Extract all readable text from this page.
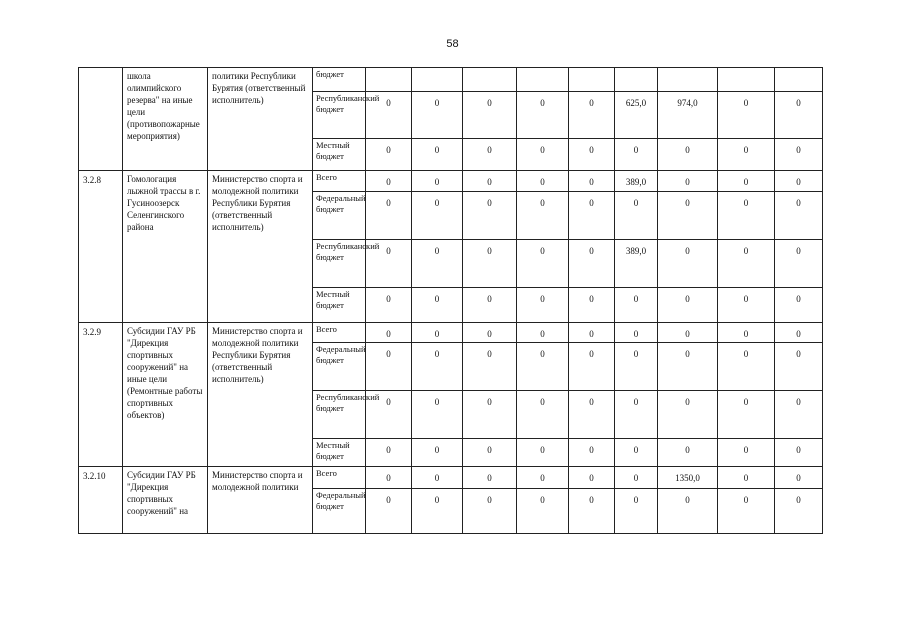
58
	школа олимпийского резерва" на иные цели (противопожарные мероприятия)	политики Республики Бурятия (ответственный исполнитель)	бюджет									
			Республиканский бюджет	0	0	0	0	0	625,0	974,0	0	0
			Местный бюджет	0	0	0	0	0	0	0	0	0
3.2.8	Гомологация лыжной трассы в г. Гусиноозерск Селенгинского района	Министерство спорта и молодежной политики Республики Бурятия (ответственный исполнитель)	Всего	0	0	0	0	0	389,0	0	0	0
			Федеральный бюджет	0	0	0	0	0	0	0	0	0
			Республиканский бюджет	0	0	0	0	0	389,0	0	0	0
			Местный бюджет	0	0	0	0	0	0	0	0	0
3.2.9	Субсидии ГАУ РБ "Дирекция спортивных сооружений" на иные цели (Ремонтные работы спортивных объектов)	Министерство спорта и молодежной политики Республики Бурятия (ответственный исполнитель)	Всего	0	0	0	0	0	0	0	0	0
			Федеральный бюджет	0	0	0	0	0	0	0	0	0
			Республиканский бюджет	0	0	0	0	0	0	0	0	0
			Местный бюджет	0	0	0	0	0	0	0	0	0
3.2.10	Субсидии ГАУ РБ "Дирекция спортивных сооружений" на	Министерство спорта и молодежной политики	Всего	0	0	0	0	0	0	1350,0	0	0
			Федеральный бюджет	0	0	0	0	0	0	0	0	0
